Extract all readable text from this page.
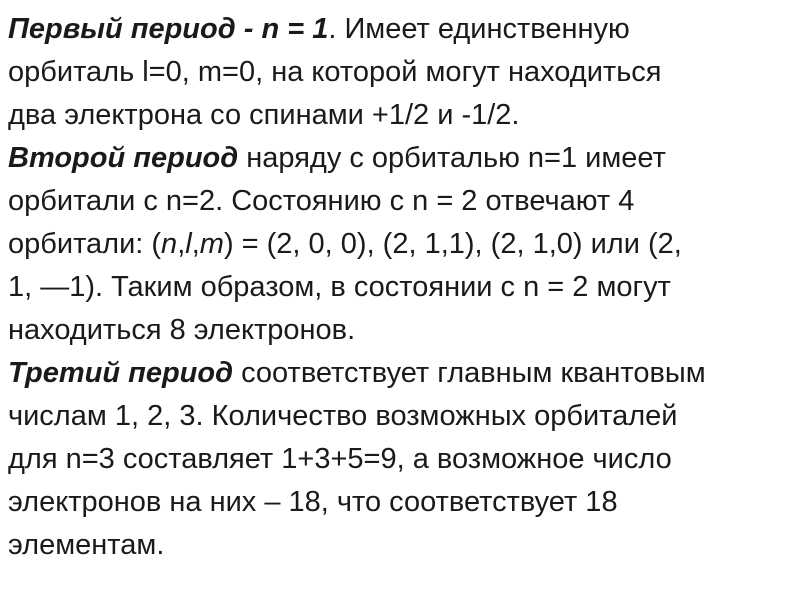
Первый период - n = 1. Имеет единственную
орбиталь l=0, m=0, на которой могут находиться
два электрона со спинами +1/2 и -1/2.
Второй период наряду с орбиталью n=1 имеет
орбитали с n=2. Состоянию с n = 2 отвечают 4
орбитали: (n,l,m) = (2, 0, 0), (2, 1,1), (2, 1,0) или (2,
1, —1). Таким образом, в состоянии с n = 2 могут
находиться 8 электронов.
Третий период соответствует главным квантовым
числам 1, 2, 3. Количество возможных орбиталей
для n=3 составляет 1+3+5=9, а возможное число
электронов на них – 18, что соответствует 18
элементам.
